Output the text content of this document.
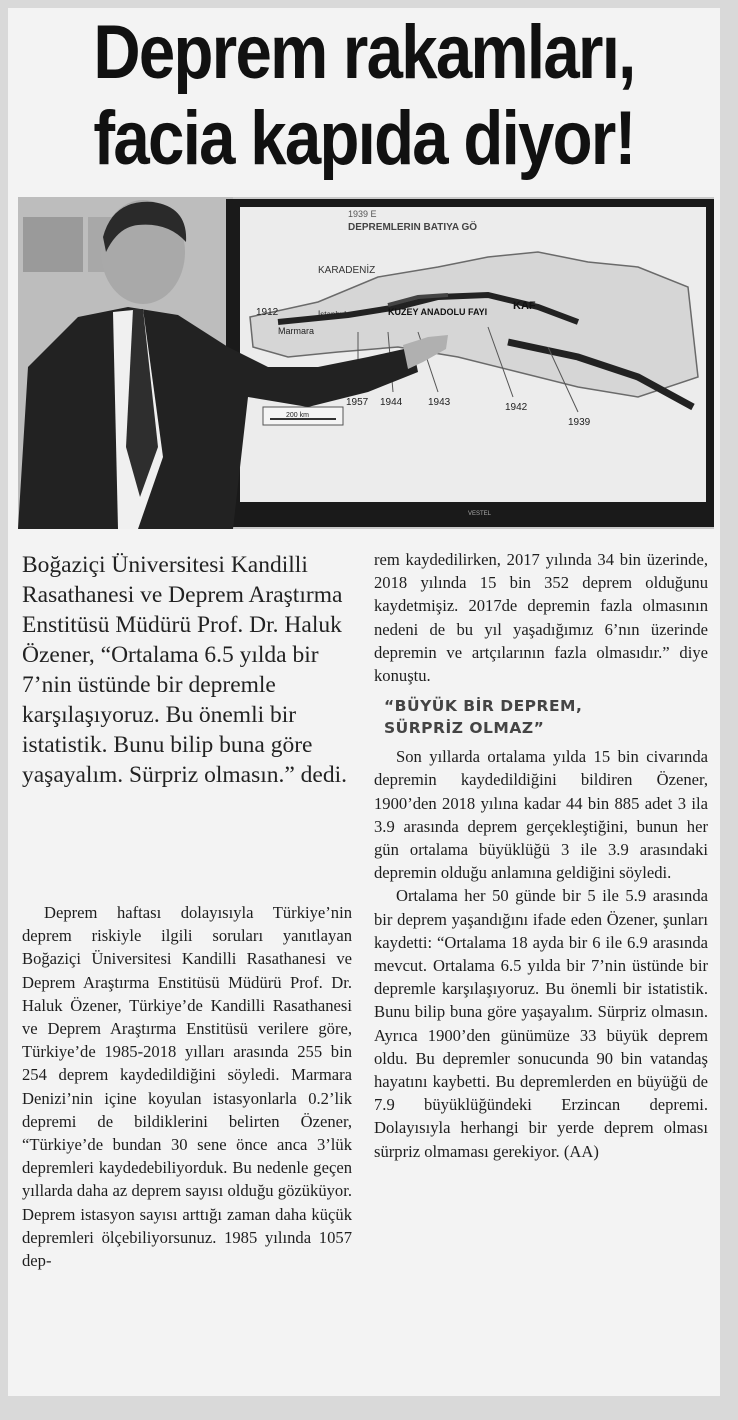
Deprem rakamları,
facia kapıda diyor!
1939 E
DEPREMLERIN BATIYA GÖ
KARADENİZ
KUZEY ANADOLU FAYI KAF
Marmara
İstanbul
200 km
1912
1957 1944	1943	1942
1939
VESTEL

Boğaziçi Üniversitesi Kandilli Rasathanesi ve Deprem Araştırma Enstitüsü Müdürü Prof. Dr. Haluk Özener, “Ortalama 6.5 yılda bir 7’nin üstünde bir depremle karşılaşıyoruz. Bu önemli bir istatistik. Bunu bilip buna göre yaşayalım. Sürpriz olmasın.” dedi.

Deprem haftası dolayısıyla Türkiye’nin deprem riskiyle ilgili soruları yanıtlayan Boğaziçi Üniversitesi Kandilli Rasathanesi ve Deprem Araştırma Enstitüsü Müdürü Prof. Dr. Haluk Özener, Türkiye’de Kandilli Rasathanesi ve Deprem Araştırma Enstitüsü verilere göre, Türkiye’de 1985-2018 yılları arasında 255 bin 254 deprem kaydedildiğini söyledi. Marmara Denizi’nin içine koyulan istasyonlarla 0.2’lik depremi de bildiklerini belirten Özener, “Türkiye’de bundan 30 sene önce anca 3’lük depremleri kaydedebiliyorduk. Bu nedenle geçen yıllarda daha az deprem sayısı olduğu gözüküyor. Deprem istasyon sayısı arttığı zaman daha küçük depremleri ölçebiliyorsunuz. 1985 yılında 1057 dep-

rem kaydedilirken, 2017 yılında 34 bin üzerinde, 2018 yılında 15 bin 352 deprem olduğunu kaydetmişiz. 2017de depremin fazla olmasının nedeni de bu yıl yaşadığımız 6’nın üzerinde depremin ve artçılarının fazla olmasıdır.” diye konuştu.

“BÜYÜK BİR DEPREM,
SÜRPRİZ OLMAZ”

Son yıllarda ortalama yılda 15 bin civarında depremin kaydedildiğini bildiren Özener, 1900’den 2018 yılına kadar 44 bin 885 adet 3 ila 3.9 arasında deprem gerçekleştiğini, bunun her gün ortalama büyüklüğü 3 ile 3.9 arasındaki depremin olduğu anlamına geldiğini söyledi.

Ortalama her 50 günde bir 5 ile 5.9 arasında bir deprem yaşandığını ifade eden Özener, şunları kaydetti: “Ortalama 18 ayda bir 6 ile 6.9 arasında mevcut. Ortalama 6.5 yılda bir 7’nin üstünde bir depremle karşılaşıyoruz. Bu önemli bir istatistik. Bunu bilip buna göre yaşayalım. Sürpriz olmasın. Ayrıca 1900’den günümüze 33 büyük deprem oldu. Bu depremler sonucunda 90 bin vatandaş hayatını kaybetti. Bu depremlerden en büyüğü de 7.9 büyüklüğündeki Erzincan depremi. Dolayısıyla herhangi bir yerde deprem olması sürpriz olmaması gerekiyor. (AA)
